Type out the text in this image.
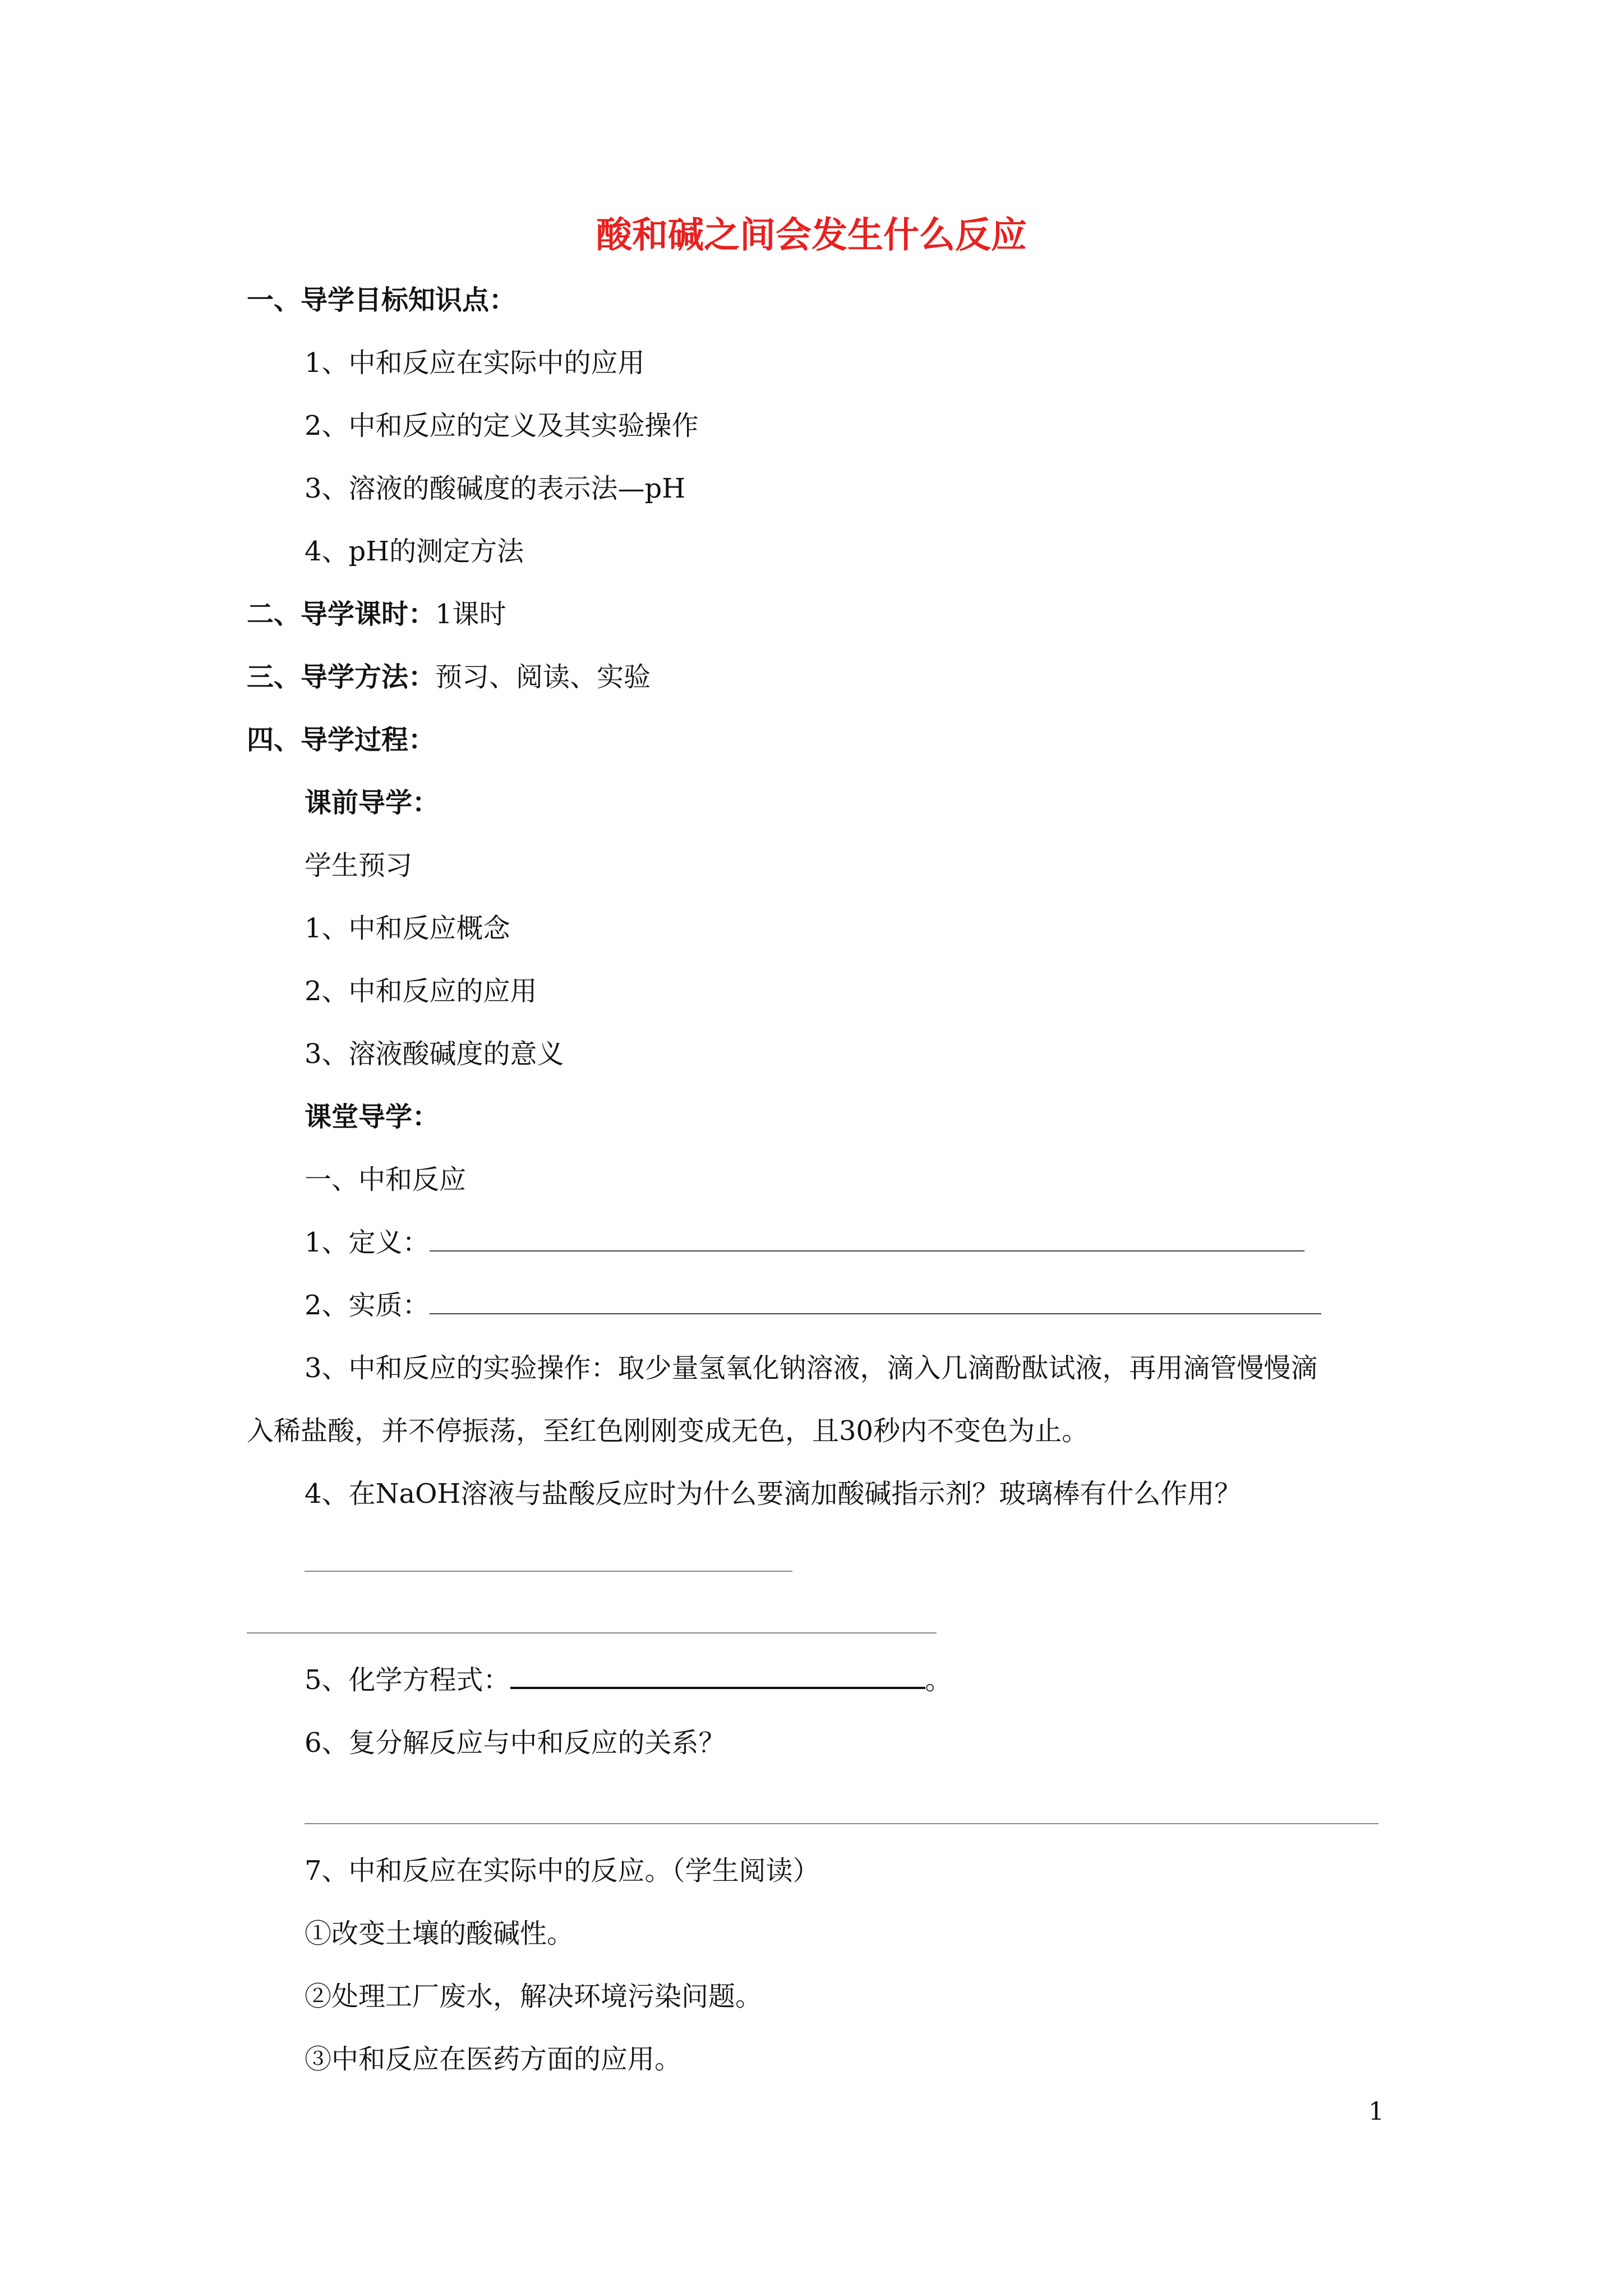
酸和碱之间会发生什么反应
一、导学目标知识点：
1、中和反应在实际中的应用
2、中和反应的定义及其实验操作
3、溶液的酸碱度的表示法—pH
4、pH的测定方法
二、导学课时：1课时
三、导学方法：预习、阅读、实验
四、导学过程：
课前导学：
学生预习
1、中和反应概念
2、中和反应的应用
3、溶液酸碱度的意义
课堂导学：
一、中和反应
1、定义：
2、实质：
3、中和反应的实验操作：取少量氢氧化钠溶液，滴入几滴酚酞试液，再用滴管慢慢滴
入稀盐酸，并不停振荡，至红色刚刚变成无色，且30秒内不变色为止。
4、在NaOH溶液与盐酸反应时为什么要滴加酸碱指示剂？玻璃棒有什么作用？
5、化学方程式：	。
6、复分解反应与中和反应的关系？
7、中和反应在实际中的反应。（学生阅读）
①改变土壤的酸碱性。
②处理工厂废水，解决环境污染问题。
③中和反应在医药方面的应用。
1
